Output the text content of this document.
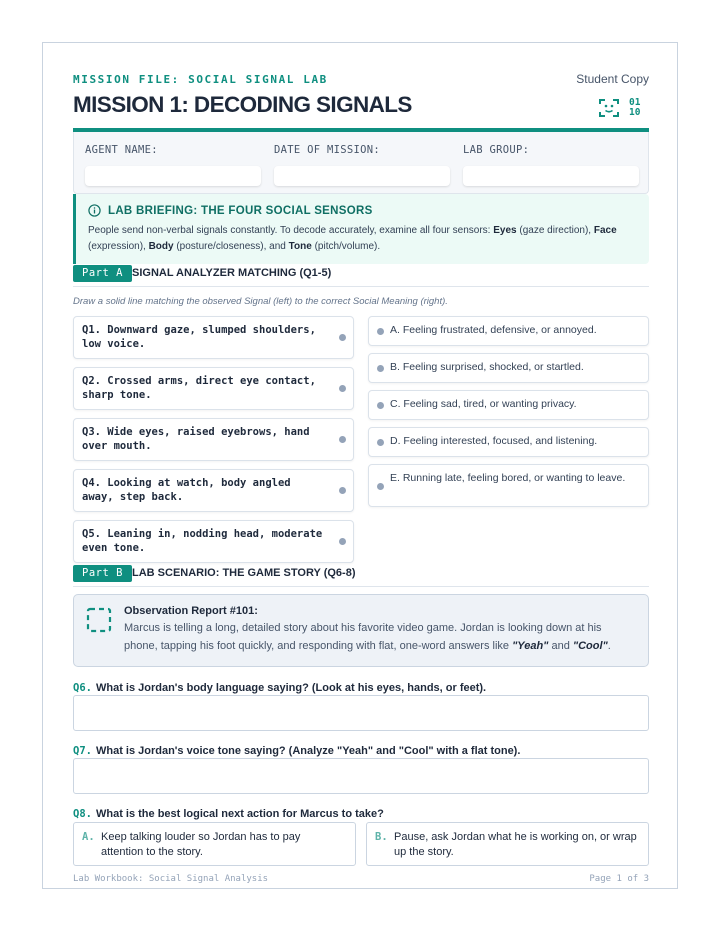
MISSION FILE: SOCIAL SIGNAL LAB	Student Copy
MISSION 1: DECODING SIGNALS	01
10
AGENT NAME:	DATE OF MISSION:	LAB GROUP:
LAB BRIEFING: THE FOUR SOCIAL SENSORS
People send non-verbal signals constantly. To decode accurately, examine all four sensors: Eyes (gaze direction), Face (expression), Body (posture/closeness), and Tone (pitch/volume).
Part A SIGNAL ANALYZER MATCHING (Q1-5)
Draw a solid line matching the observed Signal (left) to the correct Social Meaning (right).
Q1. Downward gaze, slumped shoulders, low voice.
Q2. Crossed arms, direct eye contact, sharp tone.
Q3. Wide eyes, raised eyebrows, hand over mouth.
Q4. Looking at watch, body angled away, step back.
Q5. Leaning in, nodding head, moderate even tone.
A. Feeling frustrated, defensive, or annoyed.
B. Feeling surprised, shocked, or startled.
C. Feeling sad, tired, or wanting privacy.
D. Feeling interested, focused, and listening.
E. Running late, feeling bored, or wanting to leave.
Part B LAB SCENARIO: THE GAME STORY (Q6-8)
Observation Report #101:
Marcus is telling a long, detailed story about his favorite video game. Jordan is looking down at his phone, tapping his foot quickly, and responding with flat, one-word answers like "Yeah" and "Cool".
Q6. What is Jordan's body language saying? (Look at his eyes, hands, or feet).
Q7. What is Jordan's voice tone saying? (Analyze "Yeah" and "Cool" with a flat tone).
Q8. What is the best logical next action for Marcus to take?
A. Keep talking louder so Jordan has to pay attention to the story.
B. Pause, ask Jordan what he is working on, or wrap up the story.
Lab Workbook: Social Signal Analysis	Page 1 of 3
